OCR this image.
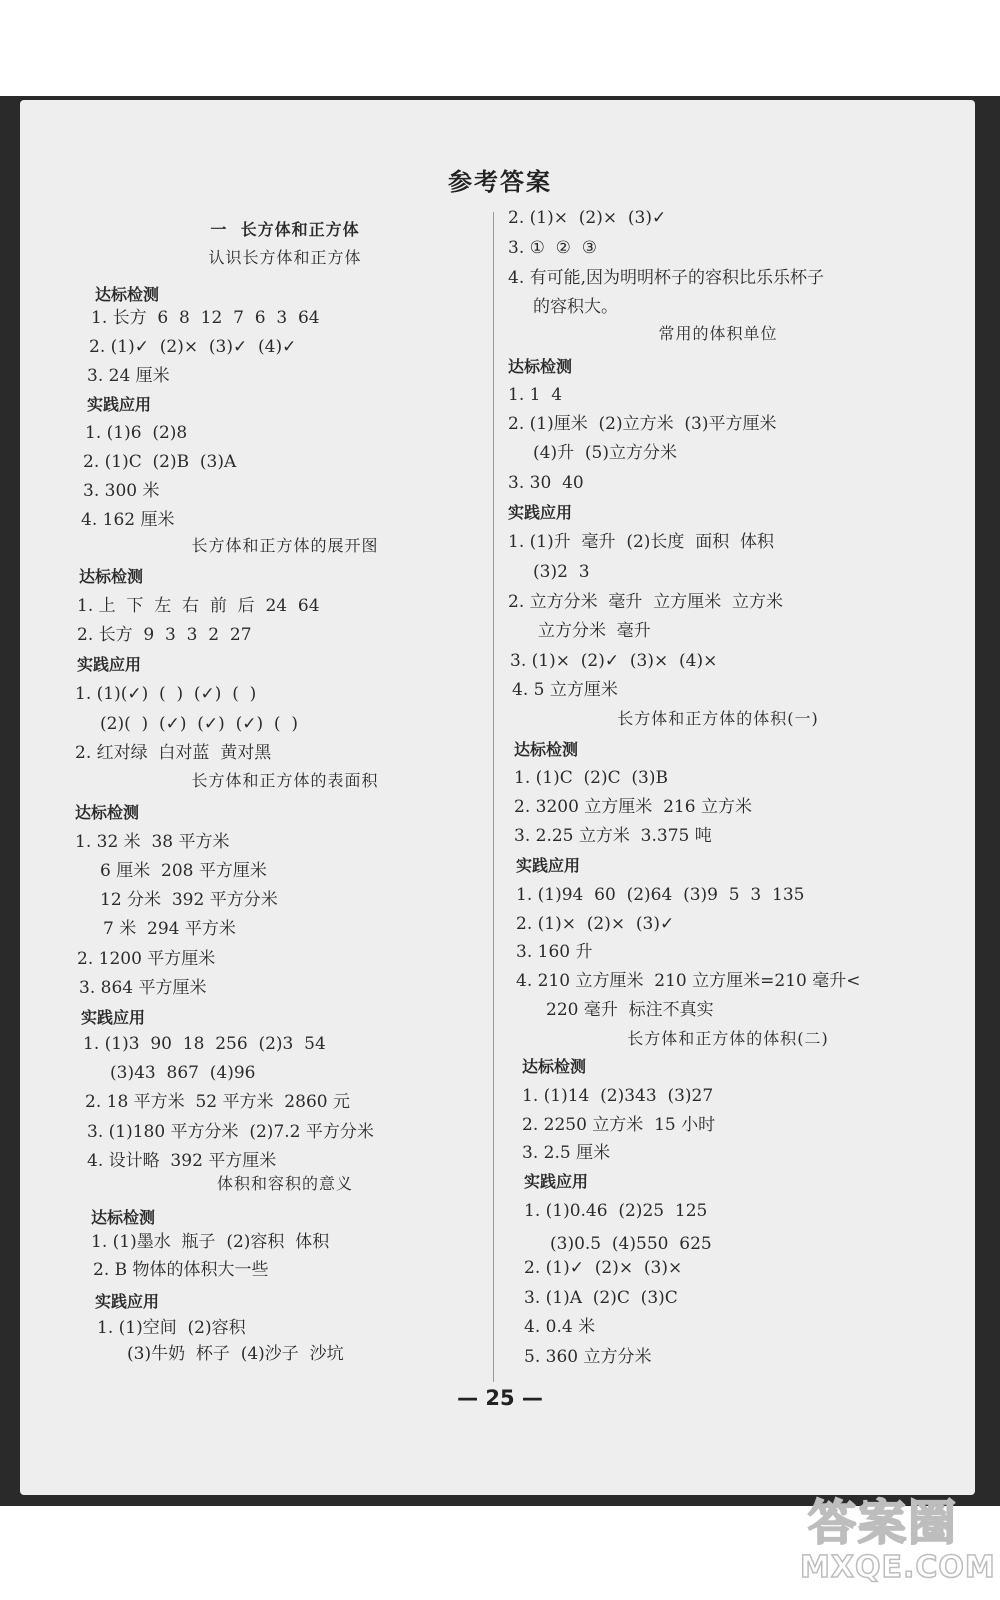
参考答案
一  长方体和正方体
认识长方体和正方体
达标检测
1. 长方  6  8  12  7  6  3  64
2. (1)✓  (2)×  (3)✓  (4)✓
3. 24 厘米
实践应用
1. (1)6  (2)8
2. (1)C  (2)B  (3)A
3. 300 米
4. 162 厘米
长方体和正方体的展开图
达标检测
1. 上  下  左  右  前  后  24  64
2. 长方  9  3  3  2  27
实践应用
1. (1)(✓)  (  )  (✓)  (  )
(2)(  )  (✓)  (✓)  (✓)  (  )
2. 红对绿  白对蓝  黄对黑
长方体和正方体的表面积
达标检测
1. 32 米  38 平方米
6 厘米  208 平方厘米
12 分米  392 平方分米
7 米  294 平方米
2. 1200 平方厘米
3. 864 平方厘米
实践应用
1. (1)3  90  18  256  (2)3  54
(3)43  867  (4)96
2. 18 平方米  52 平方米  2860 元
3. (1)180 平方分米  (2)7.2 平方分米
4. 设计略  392 平方厘米
体积和容积的意义
达标检测
1. (1)墨水  瓶子  (2)容积  体积
2. B 物体的体积大一些
实践应用
1. (1)空间  (2)容积
(3)牛奶  杯子  (4)沙子  沙坑
2. (1)×  (2)×  (3)✓
3. ①  ②  ③
4. 有可能,因为明明杯子的容积比乐乐杯子
的容积大。
常用的体积单位
达标检测
1. 1  4
2. (1)厘米  (2)立方米  (3)平方厘米
(4)升  (5)立方分米
3. 30  40
实践应用
1. (1)升  毫升  (2)长度  面积  体积
(3)2  3
2. 立方分米  毫升  立方厘米  立方米
立方分米  毫升
3. (1)×  (2)✓  (3)×  (4)×
4. 5 立方厘米
长方体和正方体的体积(一)
达标检测
1. (1)C  (2)C  (3)B
2. 3200 立方厘米  216 立方米
3. 2.25 立方米  3.375 吨
实践应用
1. (1)94  60  (2)64  (3)9  5  3  135
2. (1)×  (2)×  (3)✓
3. 160 升
4. 210 立方厘米  210 立方厘米=210 毫升<
220 毫升  标注不真实
长方体和正方体的体积(二)
达标检测
1. (1)14  (2)343  (3)27
2. 2250 立方米  15 小时
3. 2.5 厘米
实践应用
1. (1)0.46  (2)25  125
(3)0.5  (4)550  625
2. (1)✓  (2)×  (3)×
3. (1)A  (2)C  (3)C
4. 0.4 米
5. 360 立方分米
— 25 —
答案圈
MXQE.COM
